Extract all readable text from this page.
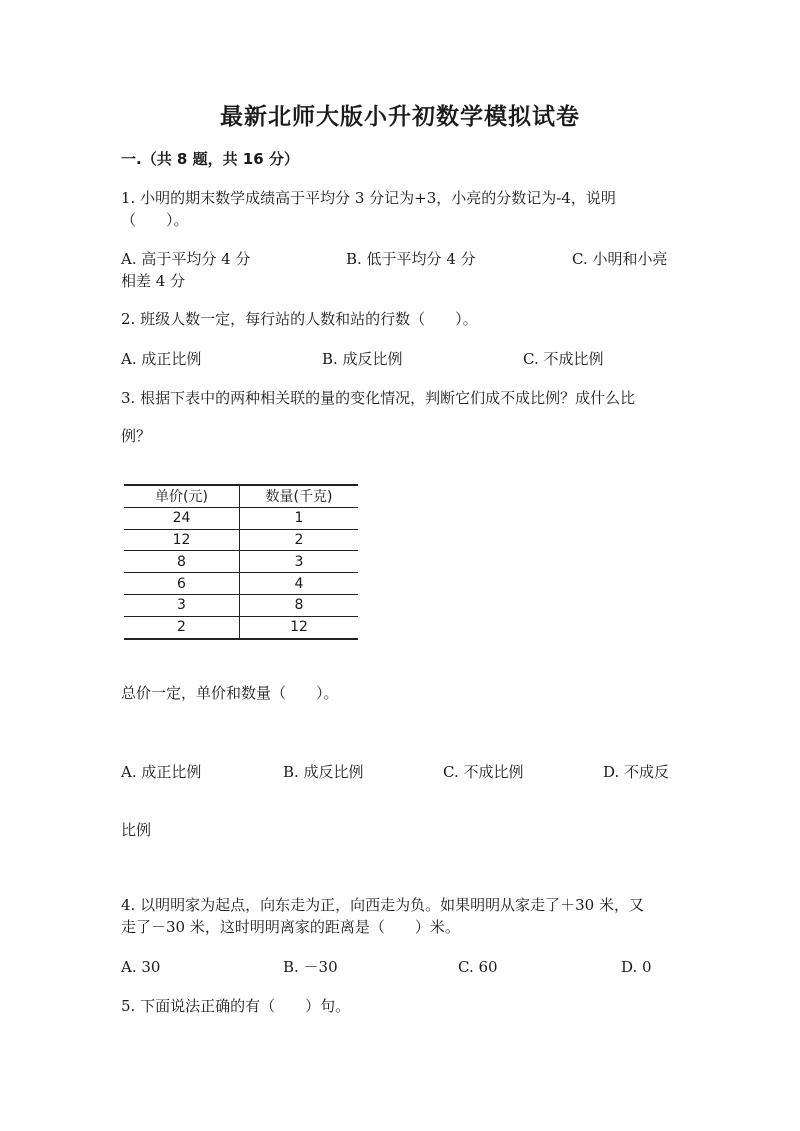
最新北师大版小升初数学模拟试卷
一.（共 8 题，共 16 分）
1. 小明的期末数学成绩高于平均分 3 分记为+3，小亮的分数记为-4，说明
（　　）。
A. 高于平均分 4 分	B. 低于平均分 4 分	C. 小明和小亮
相差 4 分
2. 班级人数一定，每行站的人数和站的行数（　　）。
A. 成正比例	B. 成反比例	C. 不成比例
3. 根据下表中的两种相关联的量的变化情况，判断它们成不成比例？成什么比
例？
单价(元)	数量(千克)
24	1
12	2
8	3
6	4
3	8
2	12
总价一定，单价和数量（　　）。
A. 成正比例	B. 成反比例	C. 不成比例	D. 不成反
比例
4. 以明明家为起点，向东走为正，向西走为负。如果明明从家走了＋30 米，又
走了－30 米，这时明明离家的距离是（　　）米。
A. 30	B. －30	C. 60	D. 0
5. 下面说法正确的有（　　）句。
